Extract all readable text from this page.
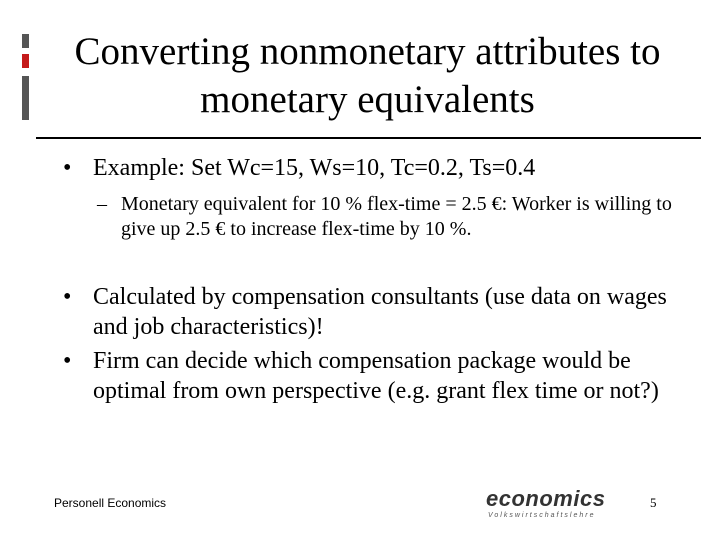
Converting nonmonetary attributes to monetary equivalents
• Example: Set Wc=15, Ws=10, Tc=0.2, Ts=0.4
– Monetary equivalent for 10 % flex-time = 2.5 €: Worker is willing to give up 2.5 € to increase flex-time by 10 %.
• Calculated by compensation consultants (use data on wages and job characteristics)!
• Firm can decide which compensation package would be optimal from own perspective (e.g. grant flex time or not?)
Personell Economics	economics
Volkswirtschaftslehre
5
